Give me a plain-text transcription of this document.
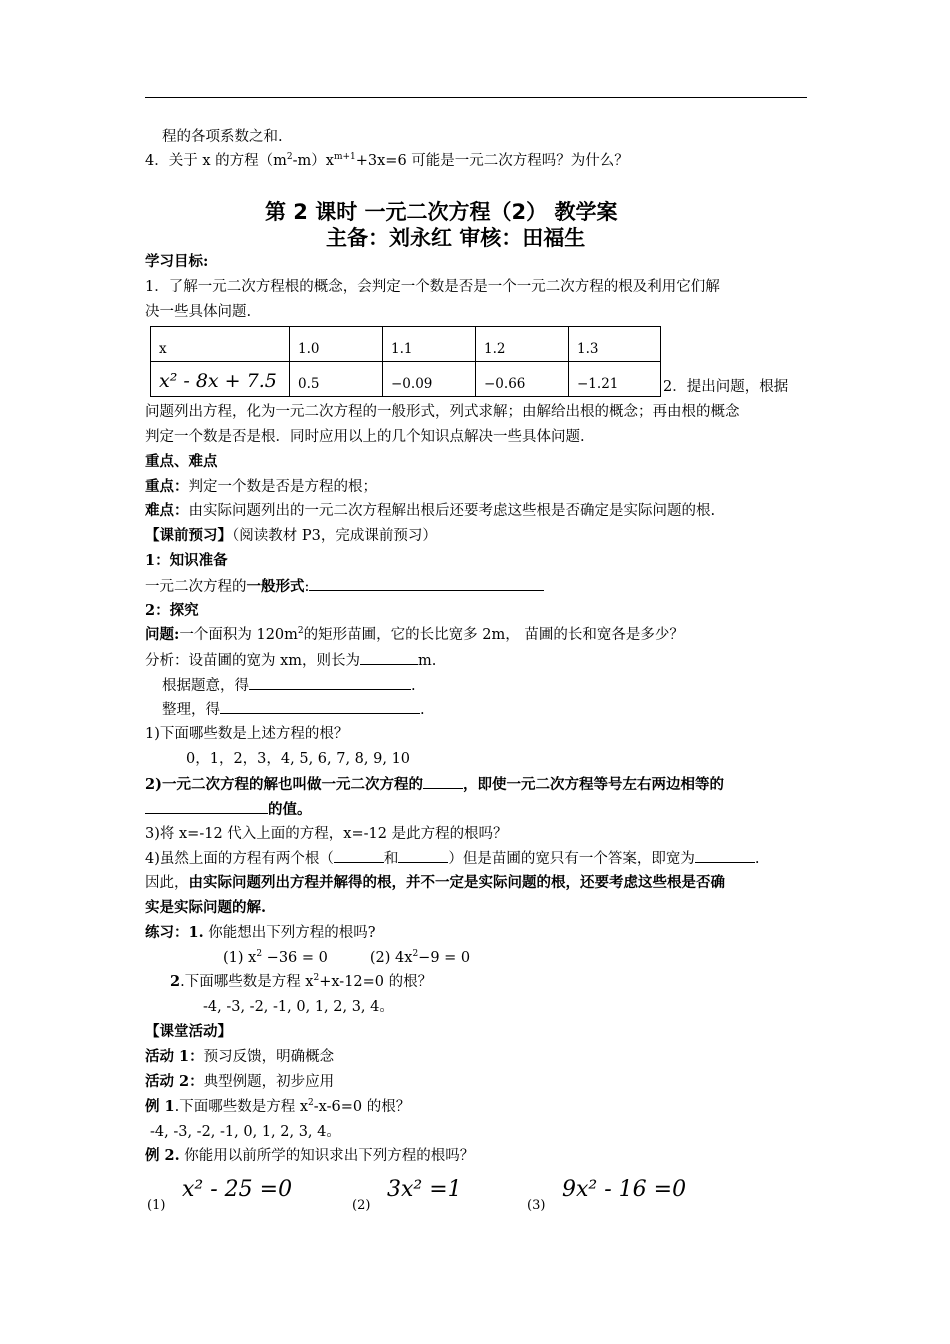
程的各项系数之和.
4．关于 x 的方程$(m^2-m)x^{m+1}+3x=6$ 可能是一元二次方程吗？为什么？
第 2 课时 一元二次方程（2） 教学案
主备：刘永红 审核：田福生
学习目标:
1．了解一元二次方程根的概念，会判定一个数是否是一个一元二次方程的根及利用它们解
决一些具体问题.
x	1.0	1.1	1.2	1.3
x² - 8x + 7.5	0.5	−0.09	−0.66	−1.21	2．提出问题，根据
问题列出方程，化为一元二次方程的一般形式，列式求解；由解给出根的概念；再由根的概念
判定一个数是否是根．同时应用以上的几个知识点解决一些具体问题.
重点、难点
重点：判定一个数是否是方程的根；
难点：由实际问题列出的一元二次方程解出根后还要考虑这些根是否确定是实际问题的根.
【课前预习】（阅读教材 P3，完成课前预习）
1：知识准备
一元二次方程的一般形式:
2：探究
问题:一个面积为 $120m^2$的矩形苗圃，它的长比宽多 2m， 苗圃的长和宽各是多少？
分析：设苗圃的宽为 xm，则长为	m.
根据题意，得	.
整理，得	.
1)下面哪些数是上述方程的根？
0，1，2，3，4, 5, 6, 7, 8, 9, 10
2)一元二次方程的解也叫做一元二次方程的	，即使一元二次方程等号左右两边相等的
的值。
3)将 x=-12 代入上面的方程，x=-12 是此方程的根吗？
4)虽然上面的方程有两个根（	和	）但是苗圃的宽只有一个答案，即宽为	.
因此，由实际问题列出方程并解得的根，并不一定是实际问题的根，还要考虑这些根是否确
实是实际问题的解.
练习：1. 你能想出下列方程的根吗?
(1) $x^2 -36 = 0$	(2) $4x^2-9 = 0$
2.下面哪些数是方程 $x^2+x-12=0$ 的根？
-4, -3, -2, -1, 0, 1, 2, 3, 4。
【课堂活动】
活动 1：预习反馈，明确概念
活动 2：典型例题，初步应用
例 1.下面哪些数是方程 $x^2-x-6=0$ 的根？
-4, -3, -2, -1, 0, 1, 2, 3, 4。
例 2. 你能用以前所学的知识求出下列方程的根吗？
(1)
x² - 25 =0
(2)
3x² =1
(3)
9x² - 16 =0
